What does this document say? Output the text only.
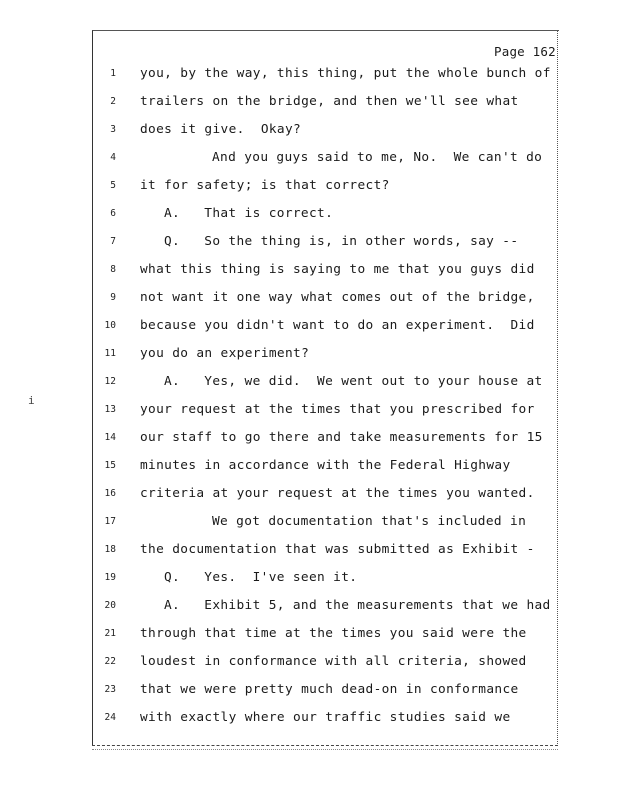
Page 162
i

1

you, by the way, this thing, put the whole bunch of

2

trailers on the bridge, and then we'll see what

3

does it give.  Okay?

4

	And you guys said to me, No.  We can't do

5

it for safety; is that correct?

6

	A.   That is correct.

7

	Q.   So the thing is, in other words, say --

8

what this thing is saying to me that you guys did

9

not want it one way what comes out of the bridge,

10

because you didn't want to do an experiment.  Did

11

you do an experiment?

12

	A.   Yes, we did.  We went out to your house at

13

your request at the times that you prescribed for

14

our staff to go there and take measurements for 15

15

minutes in accordance with the Federal Highway

16

criteria at your request at the times you wanted.

17

	We got documentation that's included in

18

the documentation that was submitted as Exhibit -

19

	Q.   Yes.  I've seen it.

20

	A.   Exhibit 5, and the measurements that we had

21

through that time at the times you said were the

22

loudest in conformance with all criteria, showed

23

that we were pretty much dead-on in conformance

24

with exactly where our traffic studies said we
